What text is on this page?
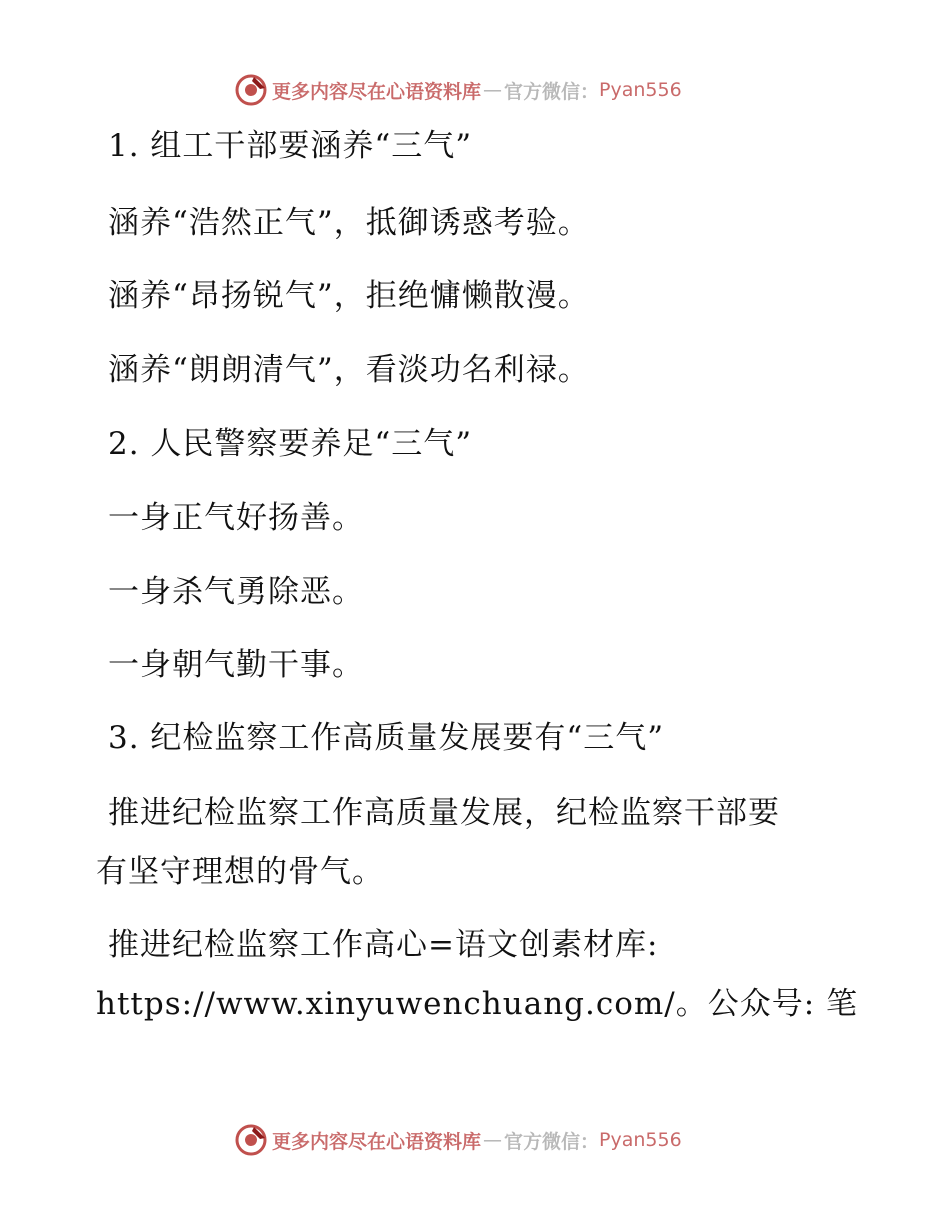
更多内容尽在心语资料库 — 官方微信： Pyan556
1. 组工干部要涵养“三气”
涵养“浩然正气”，抵御诱惑考验。
涵养“昂扬锐气”，拒绝慵懒散漫。
涵养“朗朗清气”，看淡功名利禄。
2. 人民警察要养足“三气”
一身正气好扬善。
一身杀气勇除恶。
一身朝气勤干事。
3. 纪检监察工作高质量发展要有“三气”
推进纪检监察工作高质量发展，纪检监察干部要
有坚守理想的骨气。
推进纪检监察工作高心=语文创素材库:
https://www.xinyuwenchuang.com/。公众号: 笔
更多内容尽在心语资料库 — 官方微信： Pyan556
